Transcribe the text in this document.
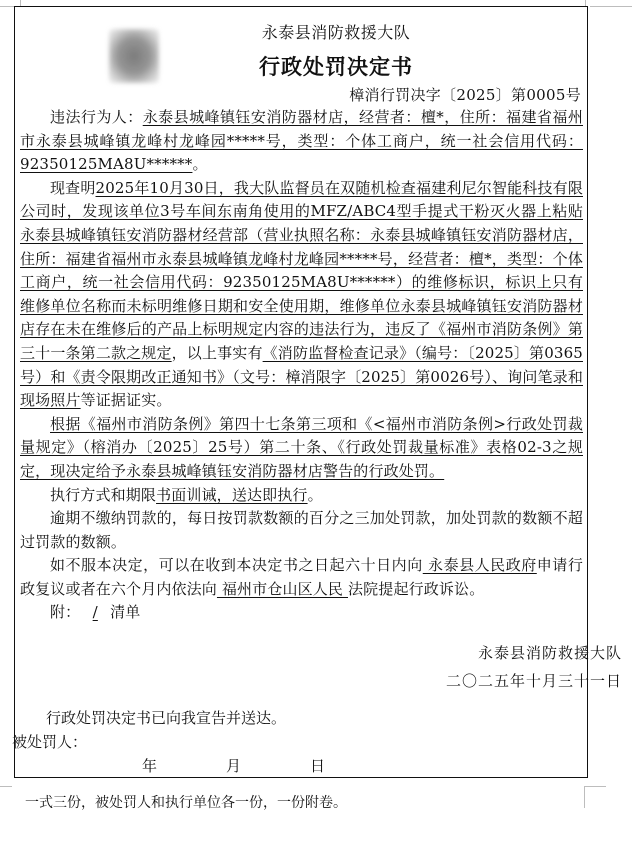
永泰县消防救援大队
行政处罚决定书
樟消行罚决字〔2025〕第0005号

违法行为人：永泰县城峰镇钰安消防器材店，经营者：檀*，住所：福建省福州市永泰县城峰镇龙峰村龙峰园*****号，类型：个体工商户，统一社会信用代码：92350125MA8U******。

现查明2025年10月30日，我大队监督员在双随机检查福建利尼尔智能科技有限公司时，发现该单位3号车间东南角使用的MFZ/ABC4型手提式干粉灭火器上粘贴永泰县城峰镇钰安消防器材经营部（营业执照名称：永泰县城峰镇钰安消防器材店，住所：福建省福州市永泰县城峰镇龙峰村龙峰园*****号，经营者：檀*，类型：个体工商户，统一社会信用代码：92350125MA8U******）的维修标识，标识上只有维修单位名称而未标明维修日期和安全使用期，维修单位永泰县城峰镇钰安消防器材店存在未在维修后的产品上标明规定内容的违法行为，违反了《福州市消防条例》第三十一条第二款之规定，以上事实有《消防监督检查记录》（编号：〔2025〕第0365号）和《责令限期改正通知书》（文号：樟消限字〔2025〕第0026号）、询问笔录和现场照片等证据证实。

根据《福州市消防条例》第四十七条第三项和《<福州市消防条例>行政处罚裁量规定》（榕消办〔2025〕25号）第二十条、《行政处罚裁量标准》表格02-3之规定，现决定给予永泰县城峰镇钰安消防器材店警告的行政处罚。

执行方式和期限书面训诫，送达即执行。

逾期不缴纳罚款的，每日按罚款数额的百分之三加处罚款，加处罚款的数额不超过罚款的数额。

如不服本决定，可以在收到本决定书之日起六十日内向 永泰县人民政府申请行政复议或者在六个月内依法向 福州市仓山区人民 法院提起行政诉讼。

附： / 清单

永泰县消防救援大队
二〇二五年十月三十一日
行政处罚决定书已向我宣告并送达。
被处罚人：
年	月	日
一式三份，被处罚人和执行单位各一份，一份附卷。
